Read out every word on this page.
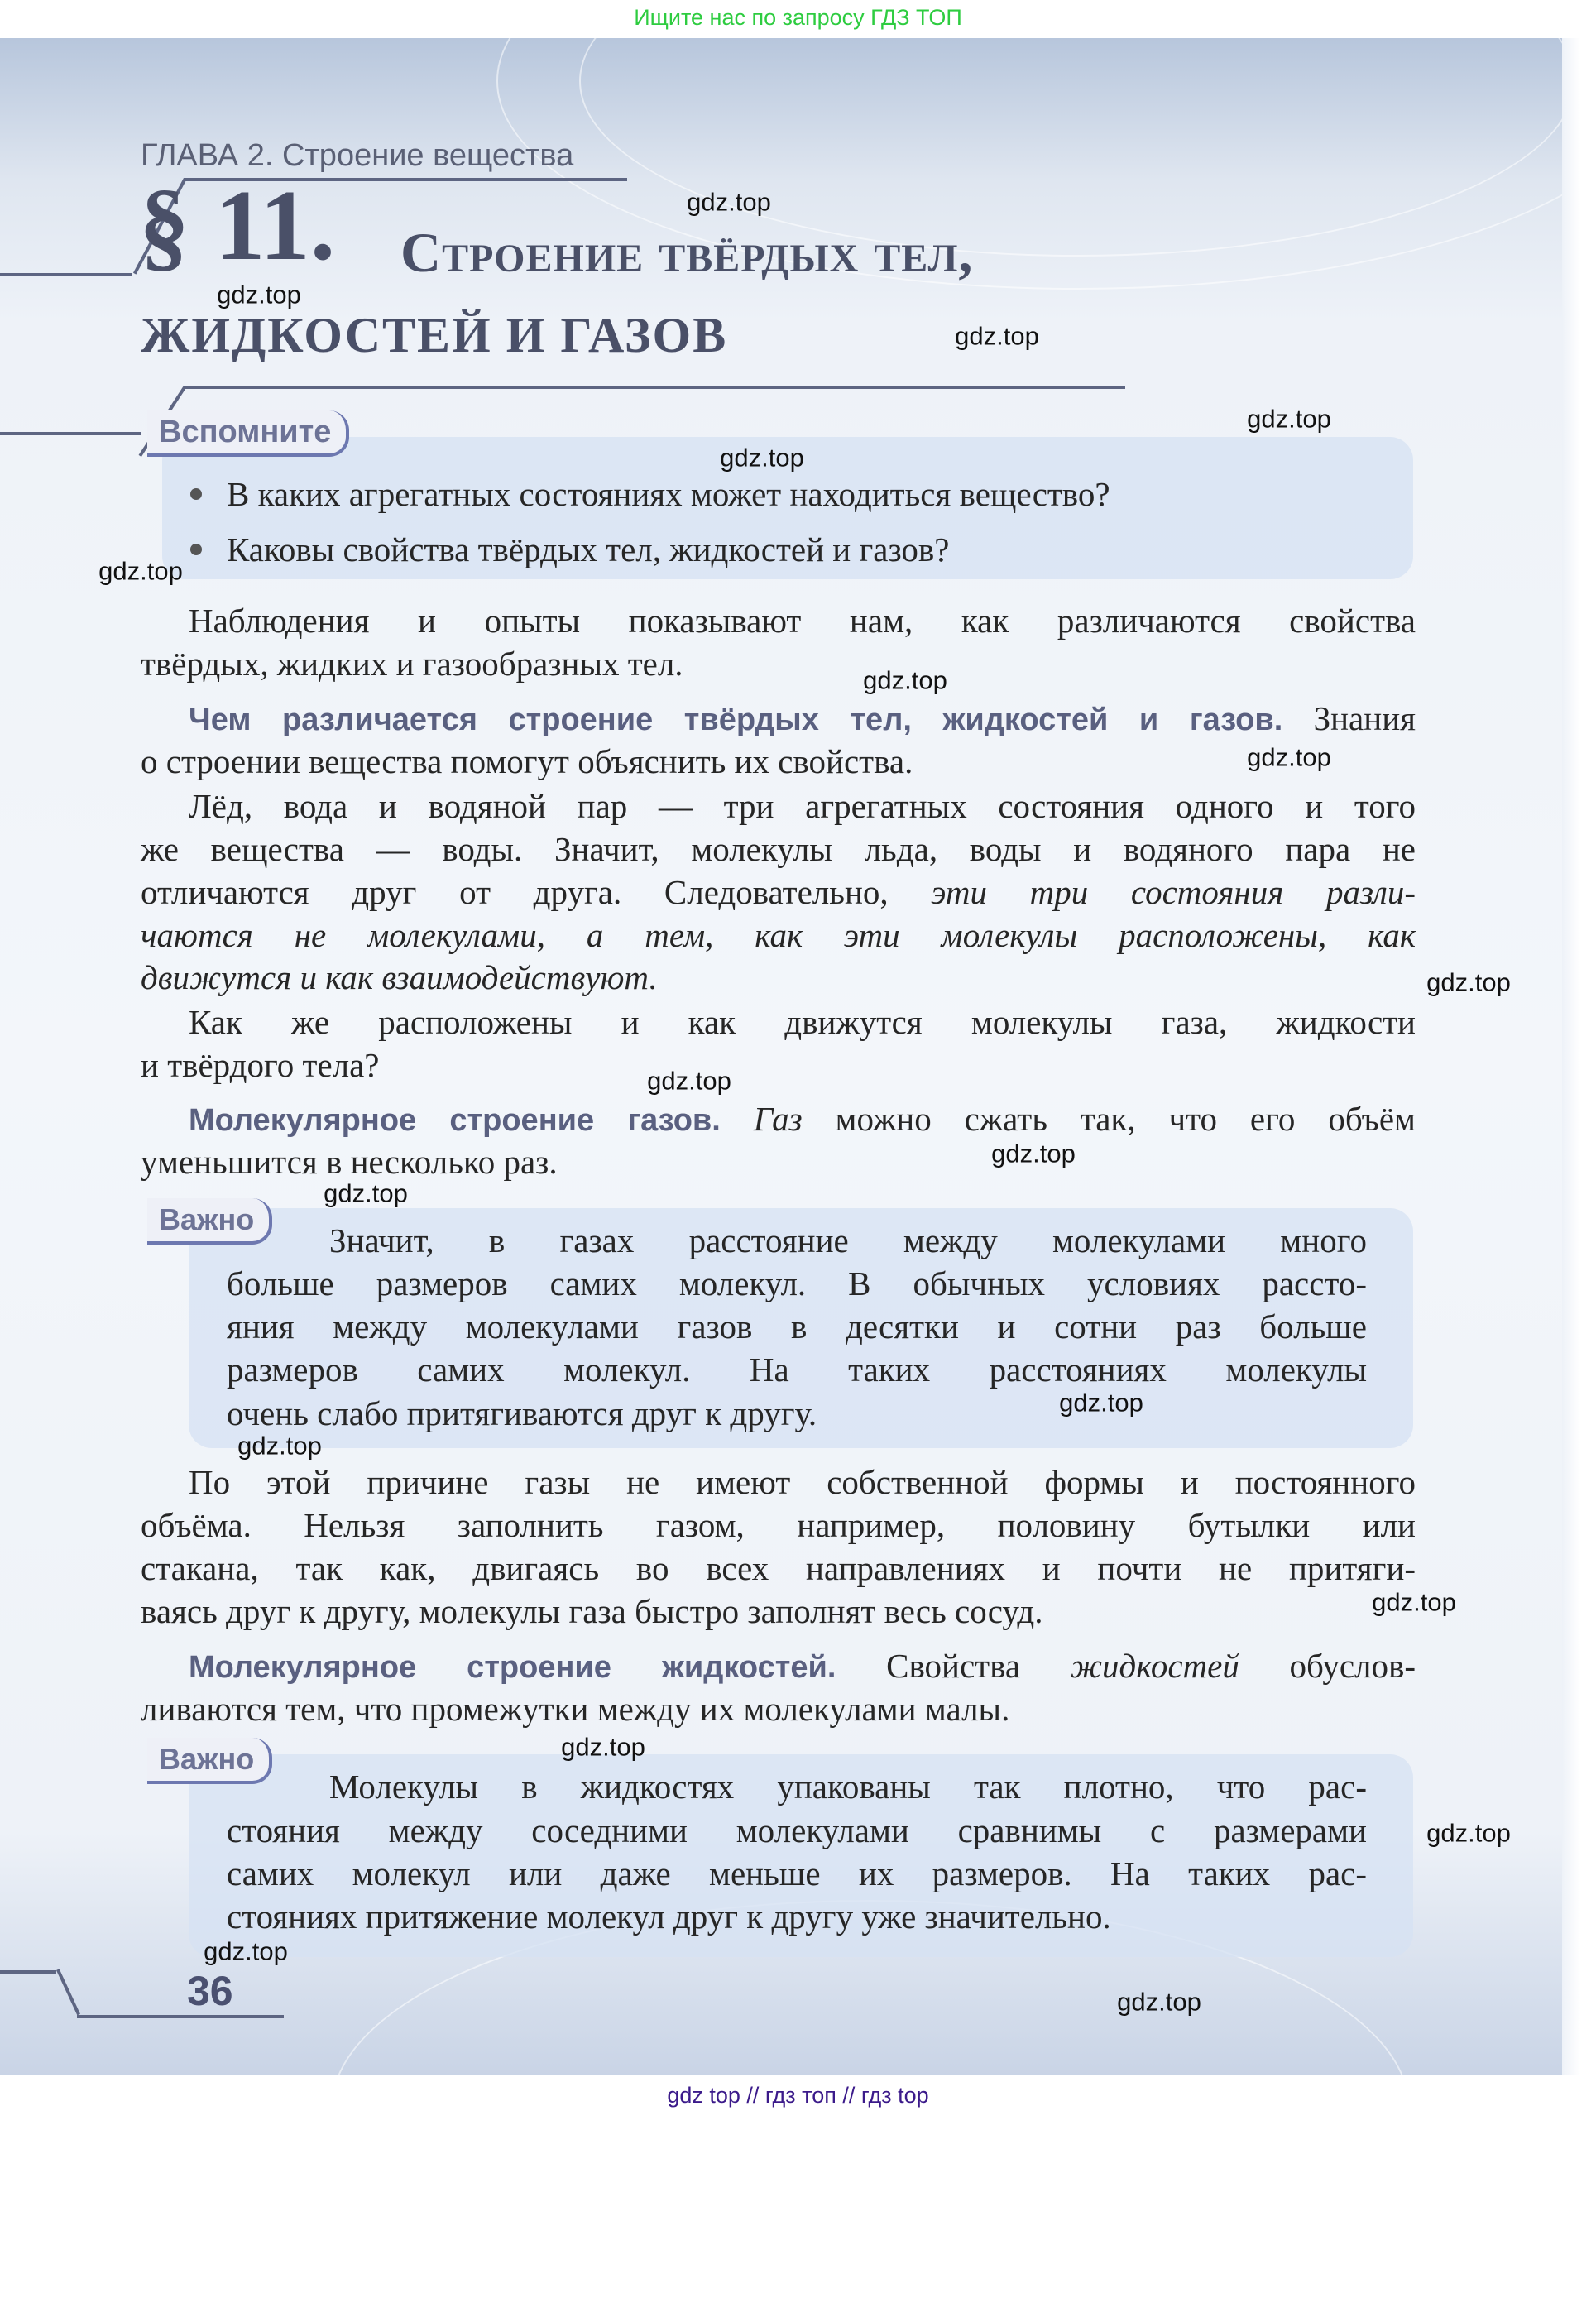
Ищите нас по запросу ГДЗ ТОП
ГЛАВА 2. Строение вещества
§ 11. Строение твёрдых тел,
ЖИДКОСТЕЙ И ГАЗОВ
Вспомните
В каких агрегатных состояниях может находиться вещество?
Каковы свойства твёрдых тел, жидкостей и газов?
Важно
Важно
Наблюдения и опыты показывают нам, как различаются свойства
твёрдых, жидких и газообразных тел.
Чем различается строение твёрдых тел, жидкостей и газов. Знания
о строении вещества помогут объяснить их свойства.
Лёд, вода и водяной пар — три агрегатных состояния одного и того
же вещества — воды. Значит, молекулы льда, воды и водяного пара не
отличаются друг от друга. Следовательно, эти три состояния разли-
чаются не молекулами, а тем, как эти молекулы расположены, как
движутся и как взаимодействуют.
Как же расположены и как движутся молекулы газа, жидкости
и твёрдого тела?
Молекулярное строение газов. Газ можно сжать так, что его объём
уменьшится в несколько раз.
Значит, в газах расстояние между молекулами много
больше размеров самих молекул. В обычных условиях рассто-
яния между молекулами газов в десятки и сотни раз больше
размеров самих молекул. На таких расстояниях молекулы
очень слабо притягиваются друг к другу.
По этой причине газы не имеют собственной формы и постоянного
объёма. Нельзя заполнить газом, например, половину бутылки или
стакана, так как, двигаясь во всех направлениях и почти не притяги-
ваясь друг к другу, молекулы газа быстро заполнят весь сосуд.
Молекулярное строение жидкостей. Свойства жидкостей обуслов-
ливаются тем, что промежутки между их молекулами малы.
Молекулы в жидкостях упакованы так плотно, что рас-
стояния между соседними молекулами сравнимы с размерами
самих молекул или даже меньше их размеров. На таких рас-
стояниях притяжение молекул друг к другу уже значительно.
36
gdz.top
gdz.top
gdz.top
gdz.top
gdz.top
gdz.top
gdz.top
gdz.top
gdz.top
gdz.top
gdz.top
gdz.top
gdz.top
gdz.top
gdz.top
gdz.top
gdz.top
gdz.top
gdz.top
gdz top // гдз топ // гдз top
